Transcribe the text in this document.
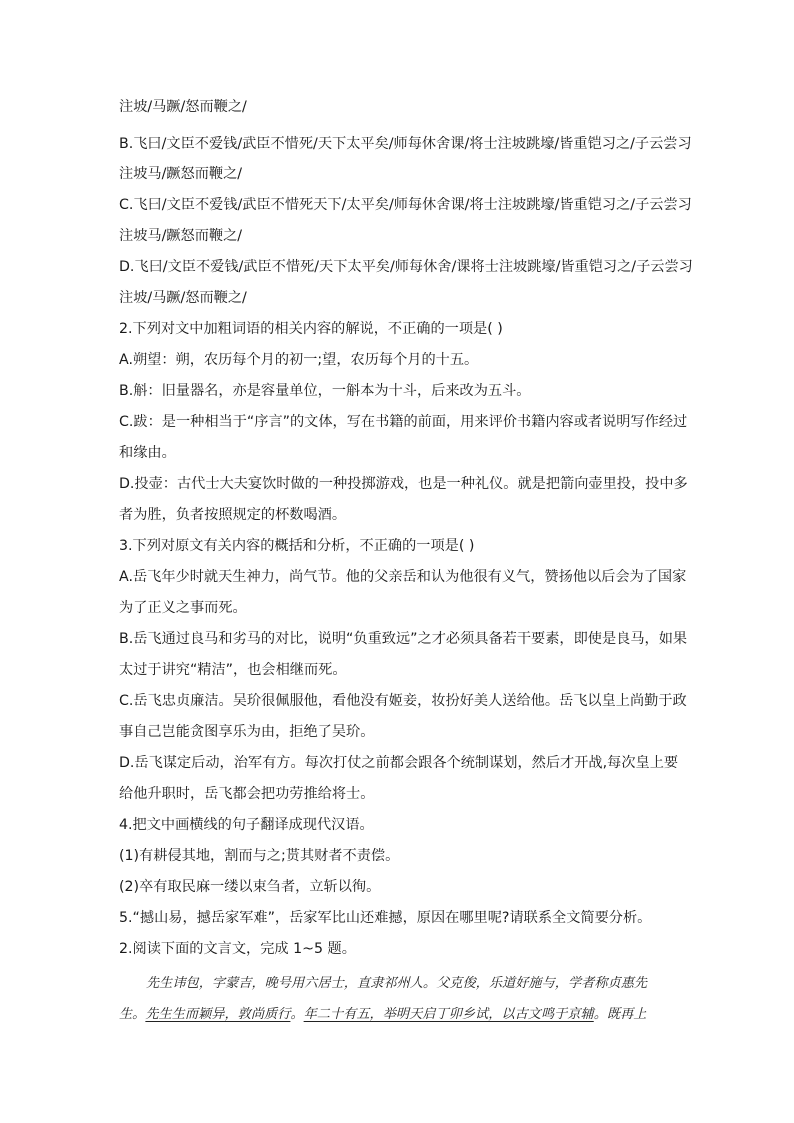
注坡/马蹶/怒而鞭之/
B.飞曰/文臣不爱钱/武臣不惜死/天下太平矣/师每休舍课/将士注坡跳壕/皆重铠习之/子云尝习
注坡马/蹶怒而鞭之/
C.飞曰/文臣不爱钱/武臣不惜死天下/太平矣/师每休舍课/将士注坡跳壕/皆重铠习之/子云尝习
注坡马/蹶怒而鞭之/
D.飞曰/文臣不爱钱/武臣不惜死/天下太平矣/师每休舍/课将士注坡跳壕/皆重铠习之/子云尝习
注坡/马蹶/怒而鞭之/
2.下列对文中加粗词语的相关内容的解说，不正确的一项是( )
A.朔望：朔，农历每个月的初一;望，农历每个月的十五。
B.斛：旧量器名，亦是容量单位，一斛本为十斗，后来改为五斗。
C.跋：是一种相当于“序言”的文体，写在书籍的前面，用来评价书籍内容或者说明写作经过
和缘由。
D.投壶：古代士大夫宴饮时做的一种投掷游戏，也是一种礼仪。就是把箭向壶里投，投中多
者为胜，负者按照规定的杯数喝酒。
3.下列对原文有关内容的概括和分析，不正确的一项是( )
A.岳飞年少时就天生神力，尚气节。他的父亲岳和认为他很有义气，赞扬他以后会为了国家
为了正义之事而死。
B.岳飞通过良马和劣马的对比，说明“负重致远”之才必须具备若干要素，即使是良马，如果
太过于讲究“精洁”，也会相继而死。
C.岳飞忠贞廉洁。吴玠很佩服他，看他没有姬妾，妆扮好美人送给他。岳飞以皇上尚勤于政
事自己岂能贪图享乐为由，拒绝了吴玠。
D.岳飞谋定后动，治军有方。每次打仗之前都会跟各个统制谋划，然后才开战,每次皇上要
给他升职时，岳飞都会把功劳推给将士。
4.把文中画横线的句子翻译成现代汉语。
(1)有耕侵其地，割而与之;贳其财者不责偿。
(2)卒有取民麻一缕以束刍者，立斩以徇。
5.“撼山易，撼岳家军难”，岳家军比山还难撼，原因在哪里呢?请联系全文简要分析。
2.阅读下面的文言文，完成 1~5 题。
先生讳包，字蒙吉，晚号用六居士，直隶祁州人。父克俊，乐道好施与，学者称贞惠先
生。先生生而颖异，敦尚质行。年二十有五，举明天启丁卯乡试，以古文鸣于京辅。既再上
